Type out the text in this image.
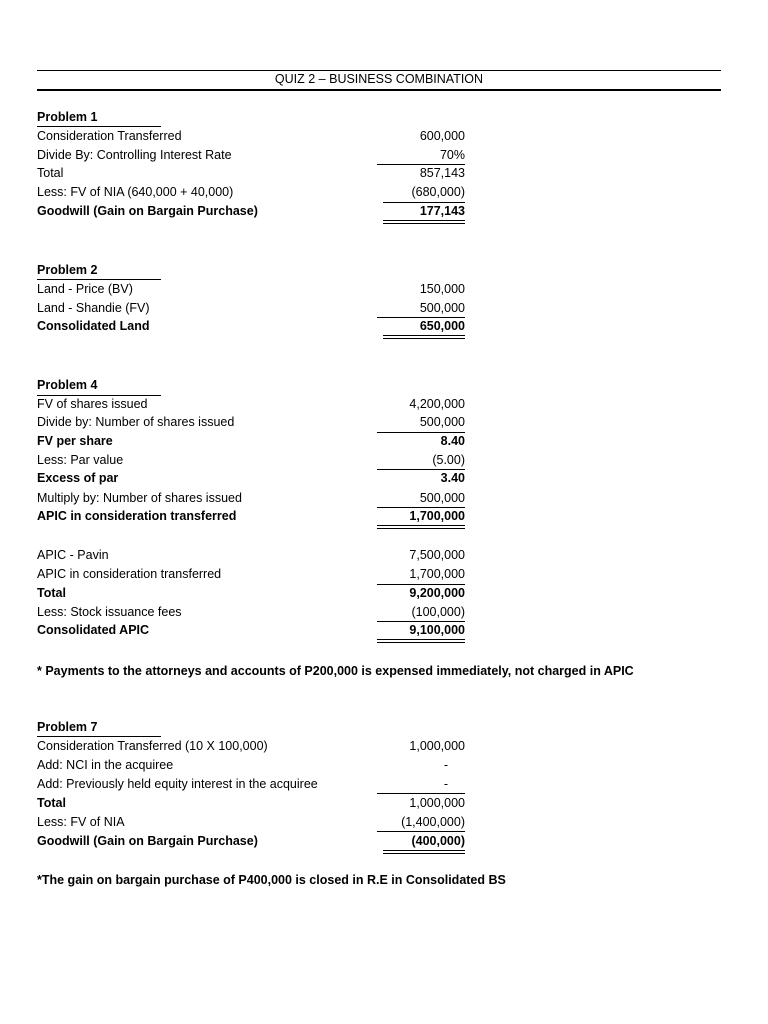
QUIZ 2 – BUSINESS COMBINATION
Problem 1
Consideration Transferred	600,000
Divide By: Controlling Interest Rate	70%
Total	857,143
Less: FV of NIA (640,000 + 40,000)	(680,000)
Goodwill (Gain on Bargain Purchase)	177,143
Problem 2
Land - Price (BV)	150,000
Land - Shandie (FV)	500,000
Consolidated Land	650,000
Problem 4
FV of shares issued	4,200,000
Divide by: Number of shares issued	500,000
FV per share	8.40
Less: Par value	(5.00)
Excess of par	3.40
Multiply by: Number of shares issued	500,000
APIC in consideration transferred	1,700,000
APIC - Pavin	7,500,000
APIC in consideration transferred	1,700,000
Total	9,200,000
Less: Stock issuance fees	(100,000)
Consolidated APIC	9,100,000
* Payments to the attorneys and accounts of P200,000 is expensed immediately, not charged in APIC
Problem 7
Consideration Transferred (10 X 100,000)	1,000,000
Add: NCI in the acquiree	-
Add: Previously held equity interest in the acquiree	-
Total	1,000,000
Less: FV of NIA	(1,400,000)
Goodwill (Gain on Bargain Purchase)	(400,000)
*The gain on bargain purchase of P400,000 is closed in R.E in Consolidated BS
